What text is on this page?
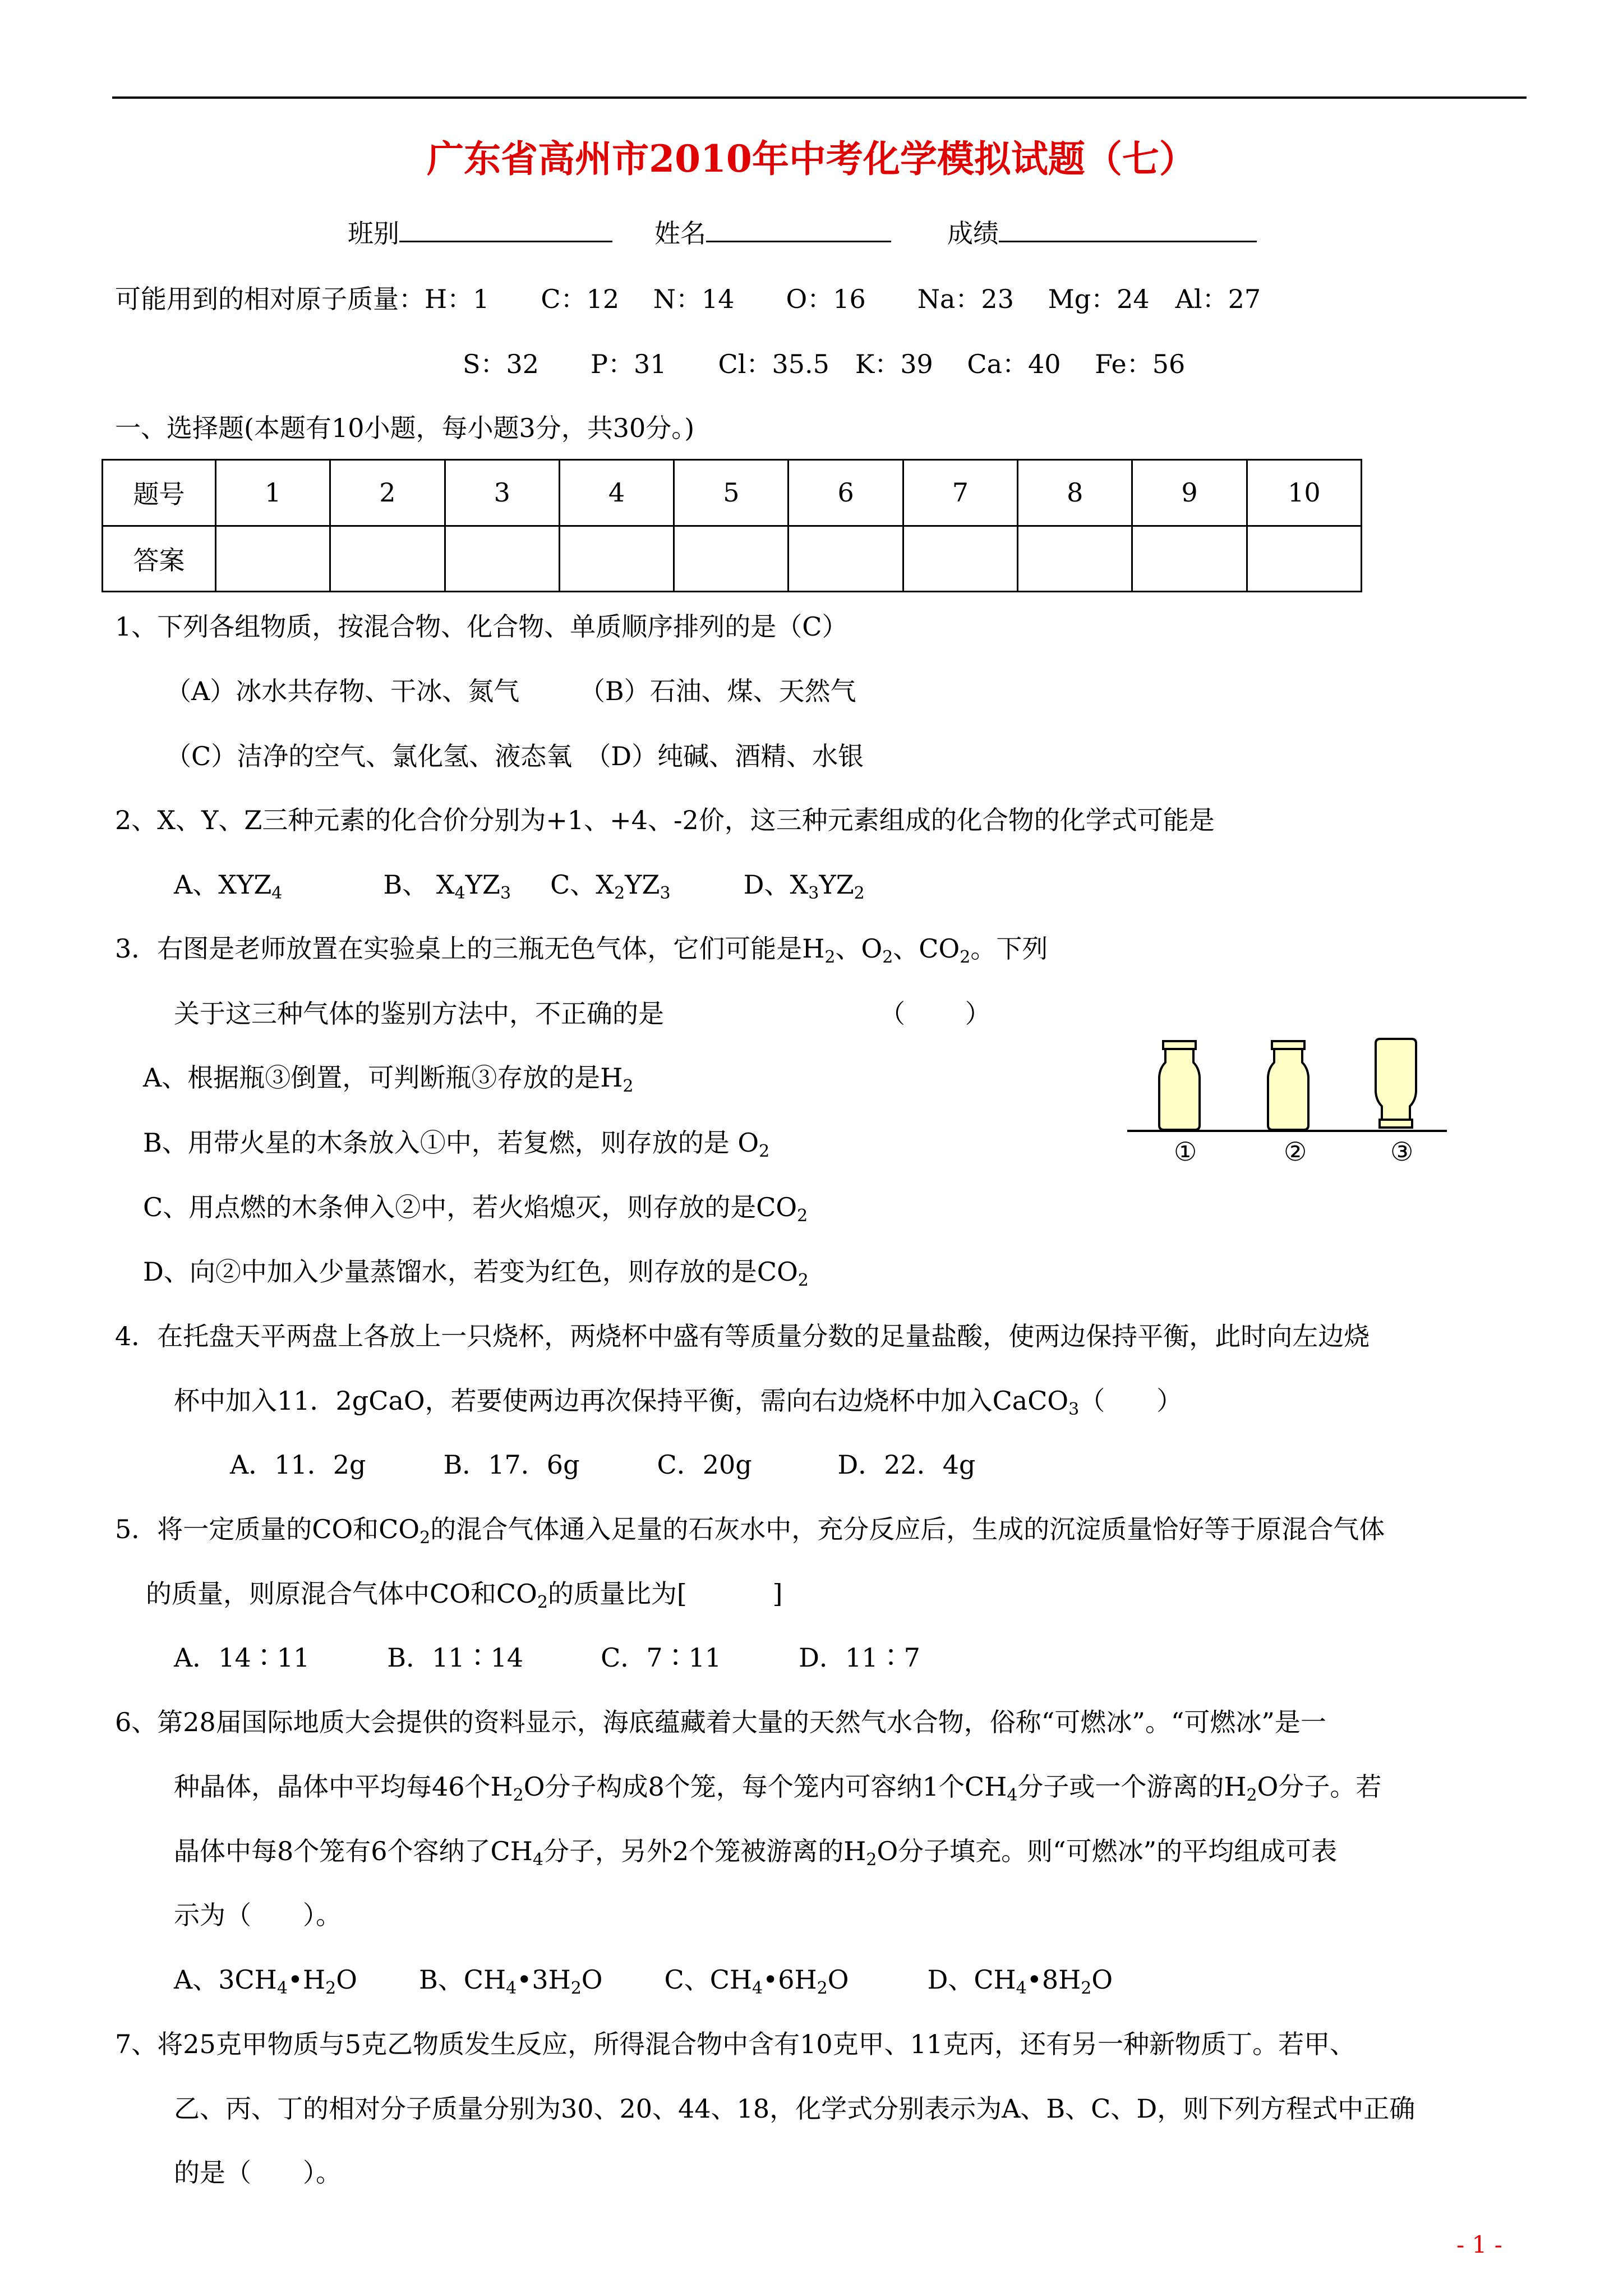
广东省高州市2010年中考化学模拟试题（七）
班别	姓名	成绩
可能用到的相对原子质量：H：1　　C：12　 N：14　　O：16　　Na：23　 Mg：24　Al：27
S：32　　P：31　　Cl：35.5　K：39　 Ca：40　 Fe：56
一、选择题(本题有10小题，每小题3分，共30分。)
题号	1	2	3	4	5	6	7	8	9	10
答案										
1、下列各组物质，按混合物、化合物、单质顺序排列的是（C）
（A）冰水共存物、干冰、氮气　　 （B）石油、煤、天然气
（C）洁净的空气、氯化氢、液态氧　（D）纯碱、酒精、水银
2、X、Y、Z三种元素的化合价分别为+1、+4、-2价，这三种元素组成的化合物的化学式可能是
A、$XYZ_4$	B、 $X_4YZ_3$ C、$X_2YZ_3$	D、$X_3YZ_2$
3．右图是老师放置在实验桌上的三瓶无色气体，它们可能是$H_2$、$O_2$、$CO_2$。下列
关于这三种气体的鉴别方法中，不正确的是	（　　 ）
A、根据瓶③倒置，可判断瓶③存放的是$H_2$
B、用带火星的木条放入①中，若复燃，则存放的是 $O_2$
C、用点燃的木条伸入②中，若火焰熄灭，则存放的是$CO_2$
D、向②中加入少量蒸馏水，若变为红色，则存放的是$CO_2$
①	②	③
4．在托盘天平两盘上各放上一只烧杯，两烧杯中盛有等质量分数的足量盐酸，使两边保持平衡，此时向左边烧
杯中加入11．2gCaO，若要使两边再次保持平衡，需向右边烧杯中加入CaCO$_3$（　　）
A．11．2g　　　B．17．6g　　　C．20g　　　 D．22．4g
5．将一定质量的CO和$CO_2$的混合气体通入足量的石灰水中，充分反应后，生成的沉淀质量恰好等于原混合气体
的质量，则原混合气体中CO和$CO_2$的质量比为[　　　 ]
A．14∶11　　　B．11∶14　　　C．7∶11　　　D．11∶7
6、第28届国际地质大会提供的资料显示，海底蕴藏着大量的天然气水合物，俗称“可燃冰”。“可燃冰”是一
种晶体，晶体中平均每46个$H_2O$分子构成8个笼，每个笼内可容纳1个$CH_4$分子或一个游离的$H_2O$分子。若
晶体中每8个笼有6个容纳了$CH_4$分子，另外2个笼被游离的$H_2O$分子填充。则“可燃冰”的平均组成可表
示为（　　）。
A、$3CH_4•H_2O$ B、$CH_4•3H_2O$ C、$CH_4•6H_2O$	D、$CH_4•8H_2O$
7、将25克甲物质与5克乙物质发生反应，所得混合物中含有10克甲、11克丙，还有另一种新物质丁。若甲、
乙、丙、丁的相对分子质量分别为30、20、44、18，化学式分别表示为A、B、C、D，则下列方程式中正确
的是（　　）。
- 1 -
